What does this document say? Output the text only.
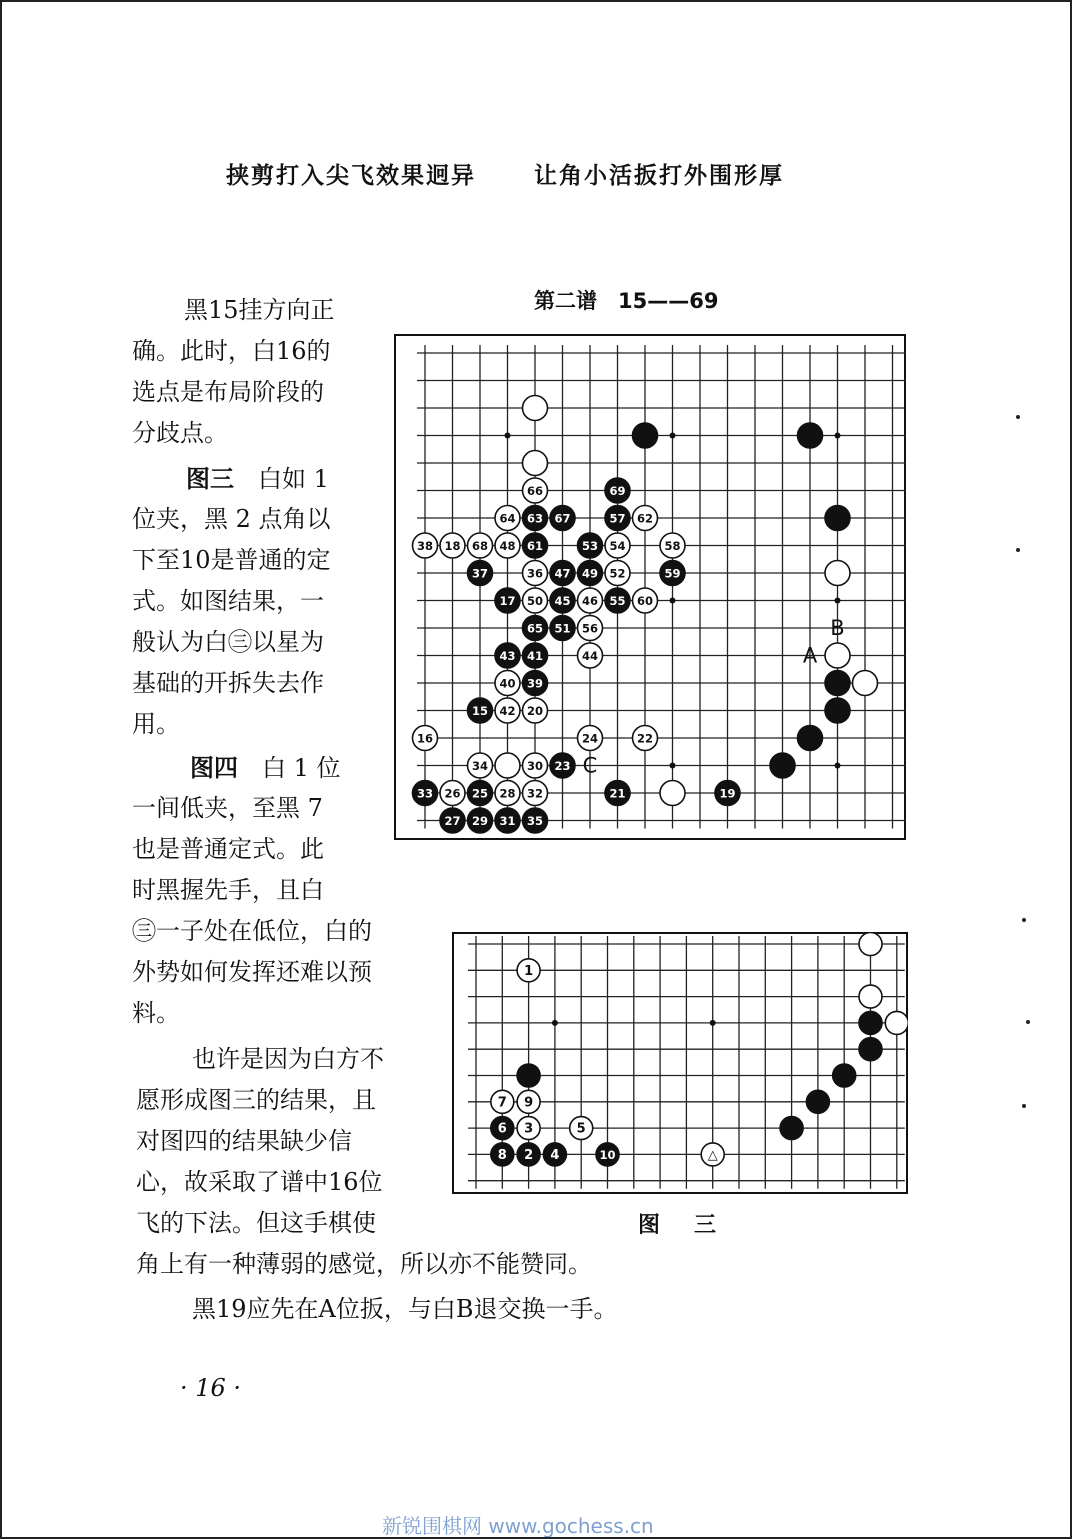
挟剪打入尖飞效果迥异	让角小活扳打外围形厚
第二谱　15——69
66	69
64 63 67	57 62
38 18 68 48 61	53 54	58
37	36 47 49 52	59
17 50 45 46 55 60
65 51 56
43 41	44
40 39
15 42 20
16	24	22
34	30 23
33 26 25 28 32	21	19
27 29 31 35
B
A
C
1
7 9
6 3	5
8 2 4	10	△
黑15挂方向正
确。此时，白16的
选点是布局阶段的
分歧点。
图三　白如 1
位夹，黑 2 点角以
下至10是普通的定
式。如图结果，一
般认为白㊂以星为
基础的开拆失去作
用。
图四　白 1 位
一间低夹，至黑 7
也是普通定式。此
时黑握先手，且白
㊂一子处在低位，白的
外势如何发挥还难以预
料。
也许是因为白方不
愿形成图三的结果，且
对图四的结果缺少信
心，故采取了谱中16位
飞的下法。但这手棋使
角上有一种薄弱的感觉，所以亦不能赞同。
黑19应先在A位扳，与白B退交换一手。
图三
· 16 ·
新锐围棋网 www.gochess.cn
